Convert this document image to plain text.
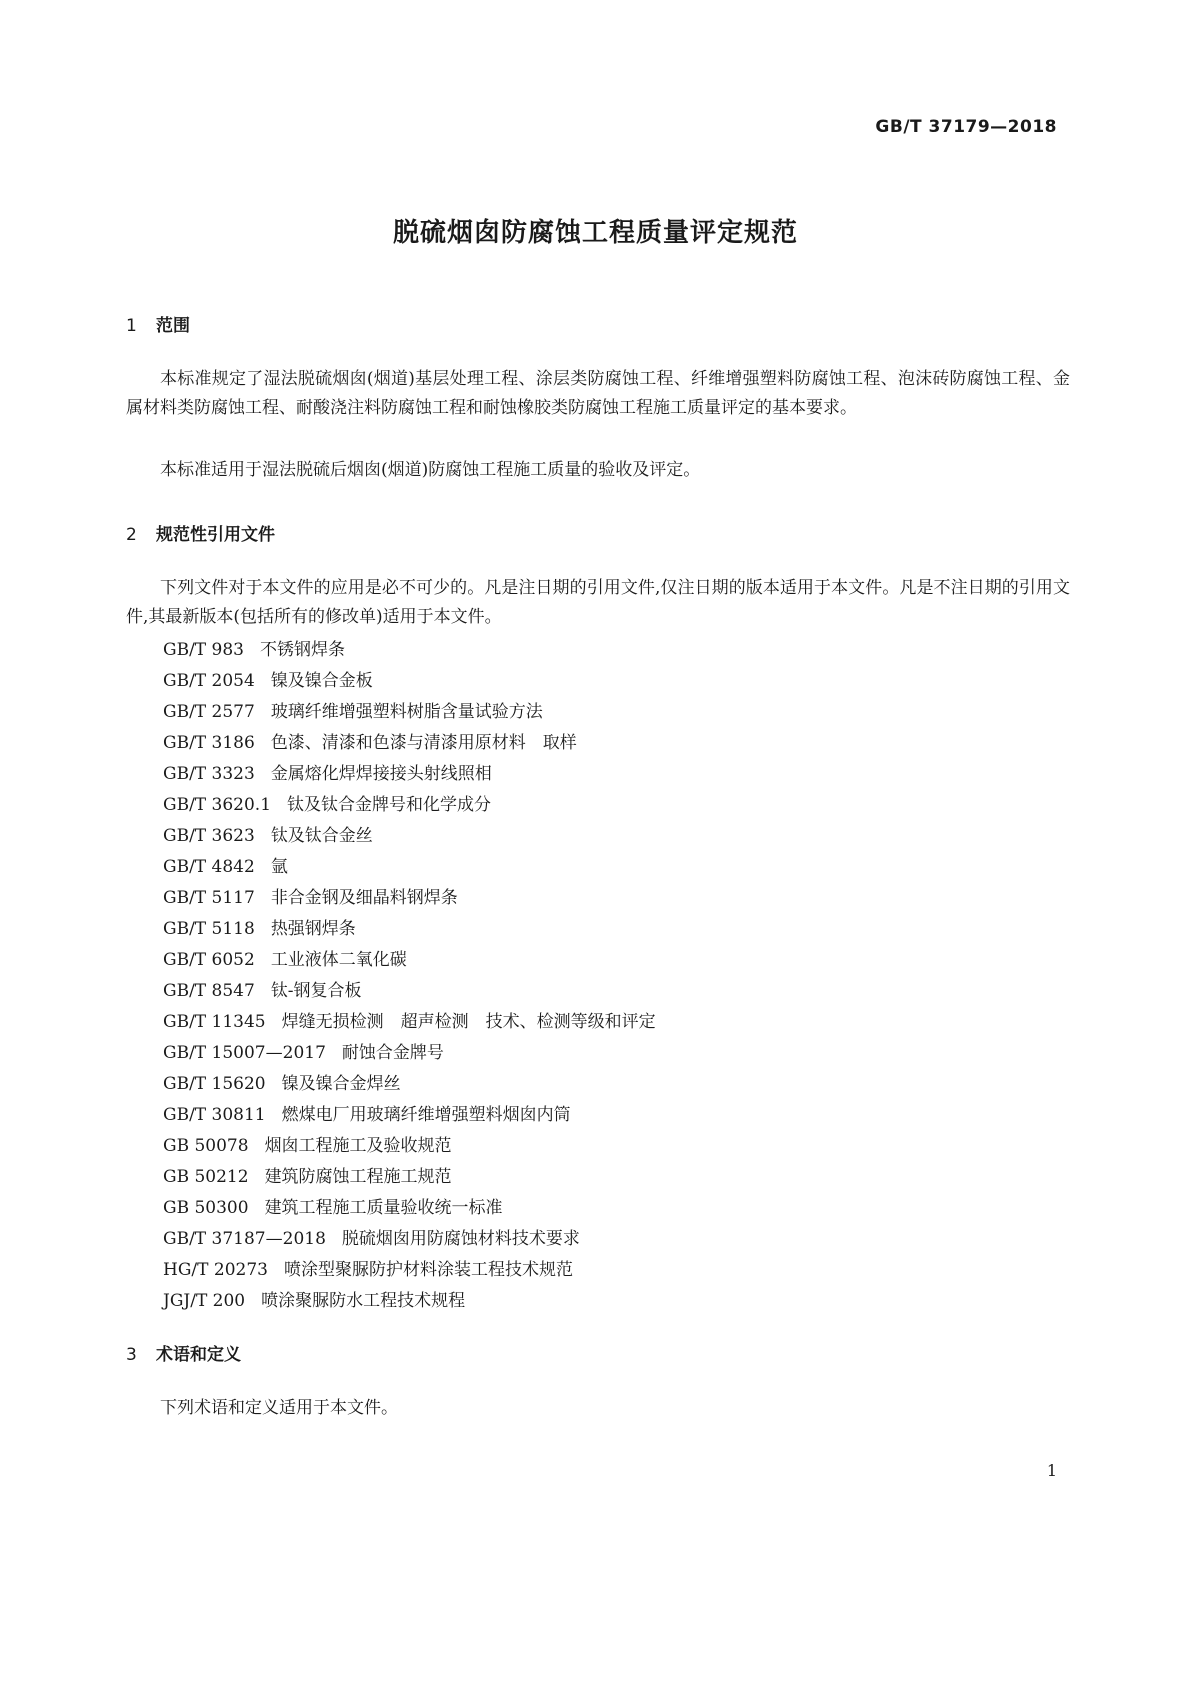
GB/T 37179—2018
脱硫烟囱防腐蚀工程质量评定规范
1 范围
本标准规定了湿法脱硫烟囱(烟道)基层处理工程、涂层类防腐蚀工程、纤维增强塑料防腐蚀工程、泡沫砖防腐蚀工程、金属材料类防腐蚀工程、耐酸浇注料防腐蚀工程和耐蚀橡胶类防腐蚀工程施工质量评定的基本要求。
本标准适用于湿法脱硫后烟囱(烟道)防腐蚀工程施工质量的验收及评定。
2 规范性引用文件
下列文件对于本文件的应用是必不可少的。凡是注日期的引用文件,仅注日期的版本适用于本文件。凡是不注日期的引用文件,其最新版本(包括所有的修改单)适用于本文件。
GB/T 983 不锈钢焊条
GB/T 2054 镍及镍合金板
GB/T 2577 玻璃纤维增强塑料树脂含量试验方法
GB/T 3186 色漆、清漆和色漆与清漆用原材料　取样
GB/T 3323 金属熔化焊焊接接头射线照相
GB/T 3620.1 钛及钛合金牌号和化学成分
GB/T 3623 钛及钛合金丝
GB/T 4842 氩
GB/T 5117 非合金钢及细晶料钢焊条
GB/T 5118 热强钢焊条
GB/T 6052 工业液体二氧化碳
GB/T 8547 钛-钢复合板
GB/T 11345 焊缝无损检测　超声检测　技术、检测等级和评定
GB/T 15007—2017 耐蚀合金牌号
GB/T 15620 镍及镍合金焊丝
GB/T 30811 燃煤电厂用玻璃纤维增强塑料烟囱内筒
GB 50078 烟囱工程施工及验收规范
GB 50212 建筑防腐蚀工程施工规范
GB 50300 建筑工程施工质量验收统一标准
GB/T 37187—2018 脱硫烟囱用防腐蚀材料技术要求
HG/T 20273 喷涂型聚脲防护材料涂装工程技术规范
JGJ/T 200 喷涂聚脲防水工程技术规程
3 术语和定义
下列术语和定义适用于本文件。
1
